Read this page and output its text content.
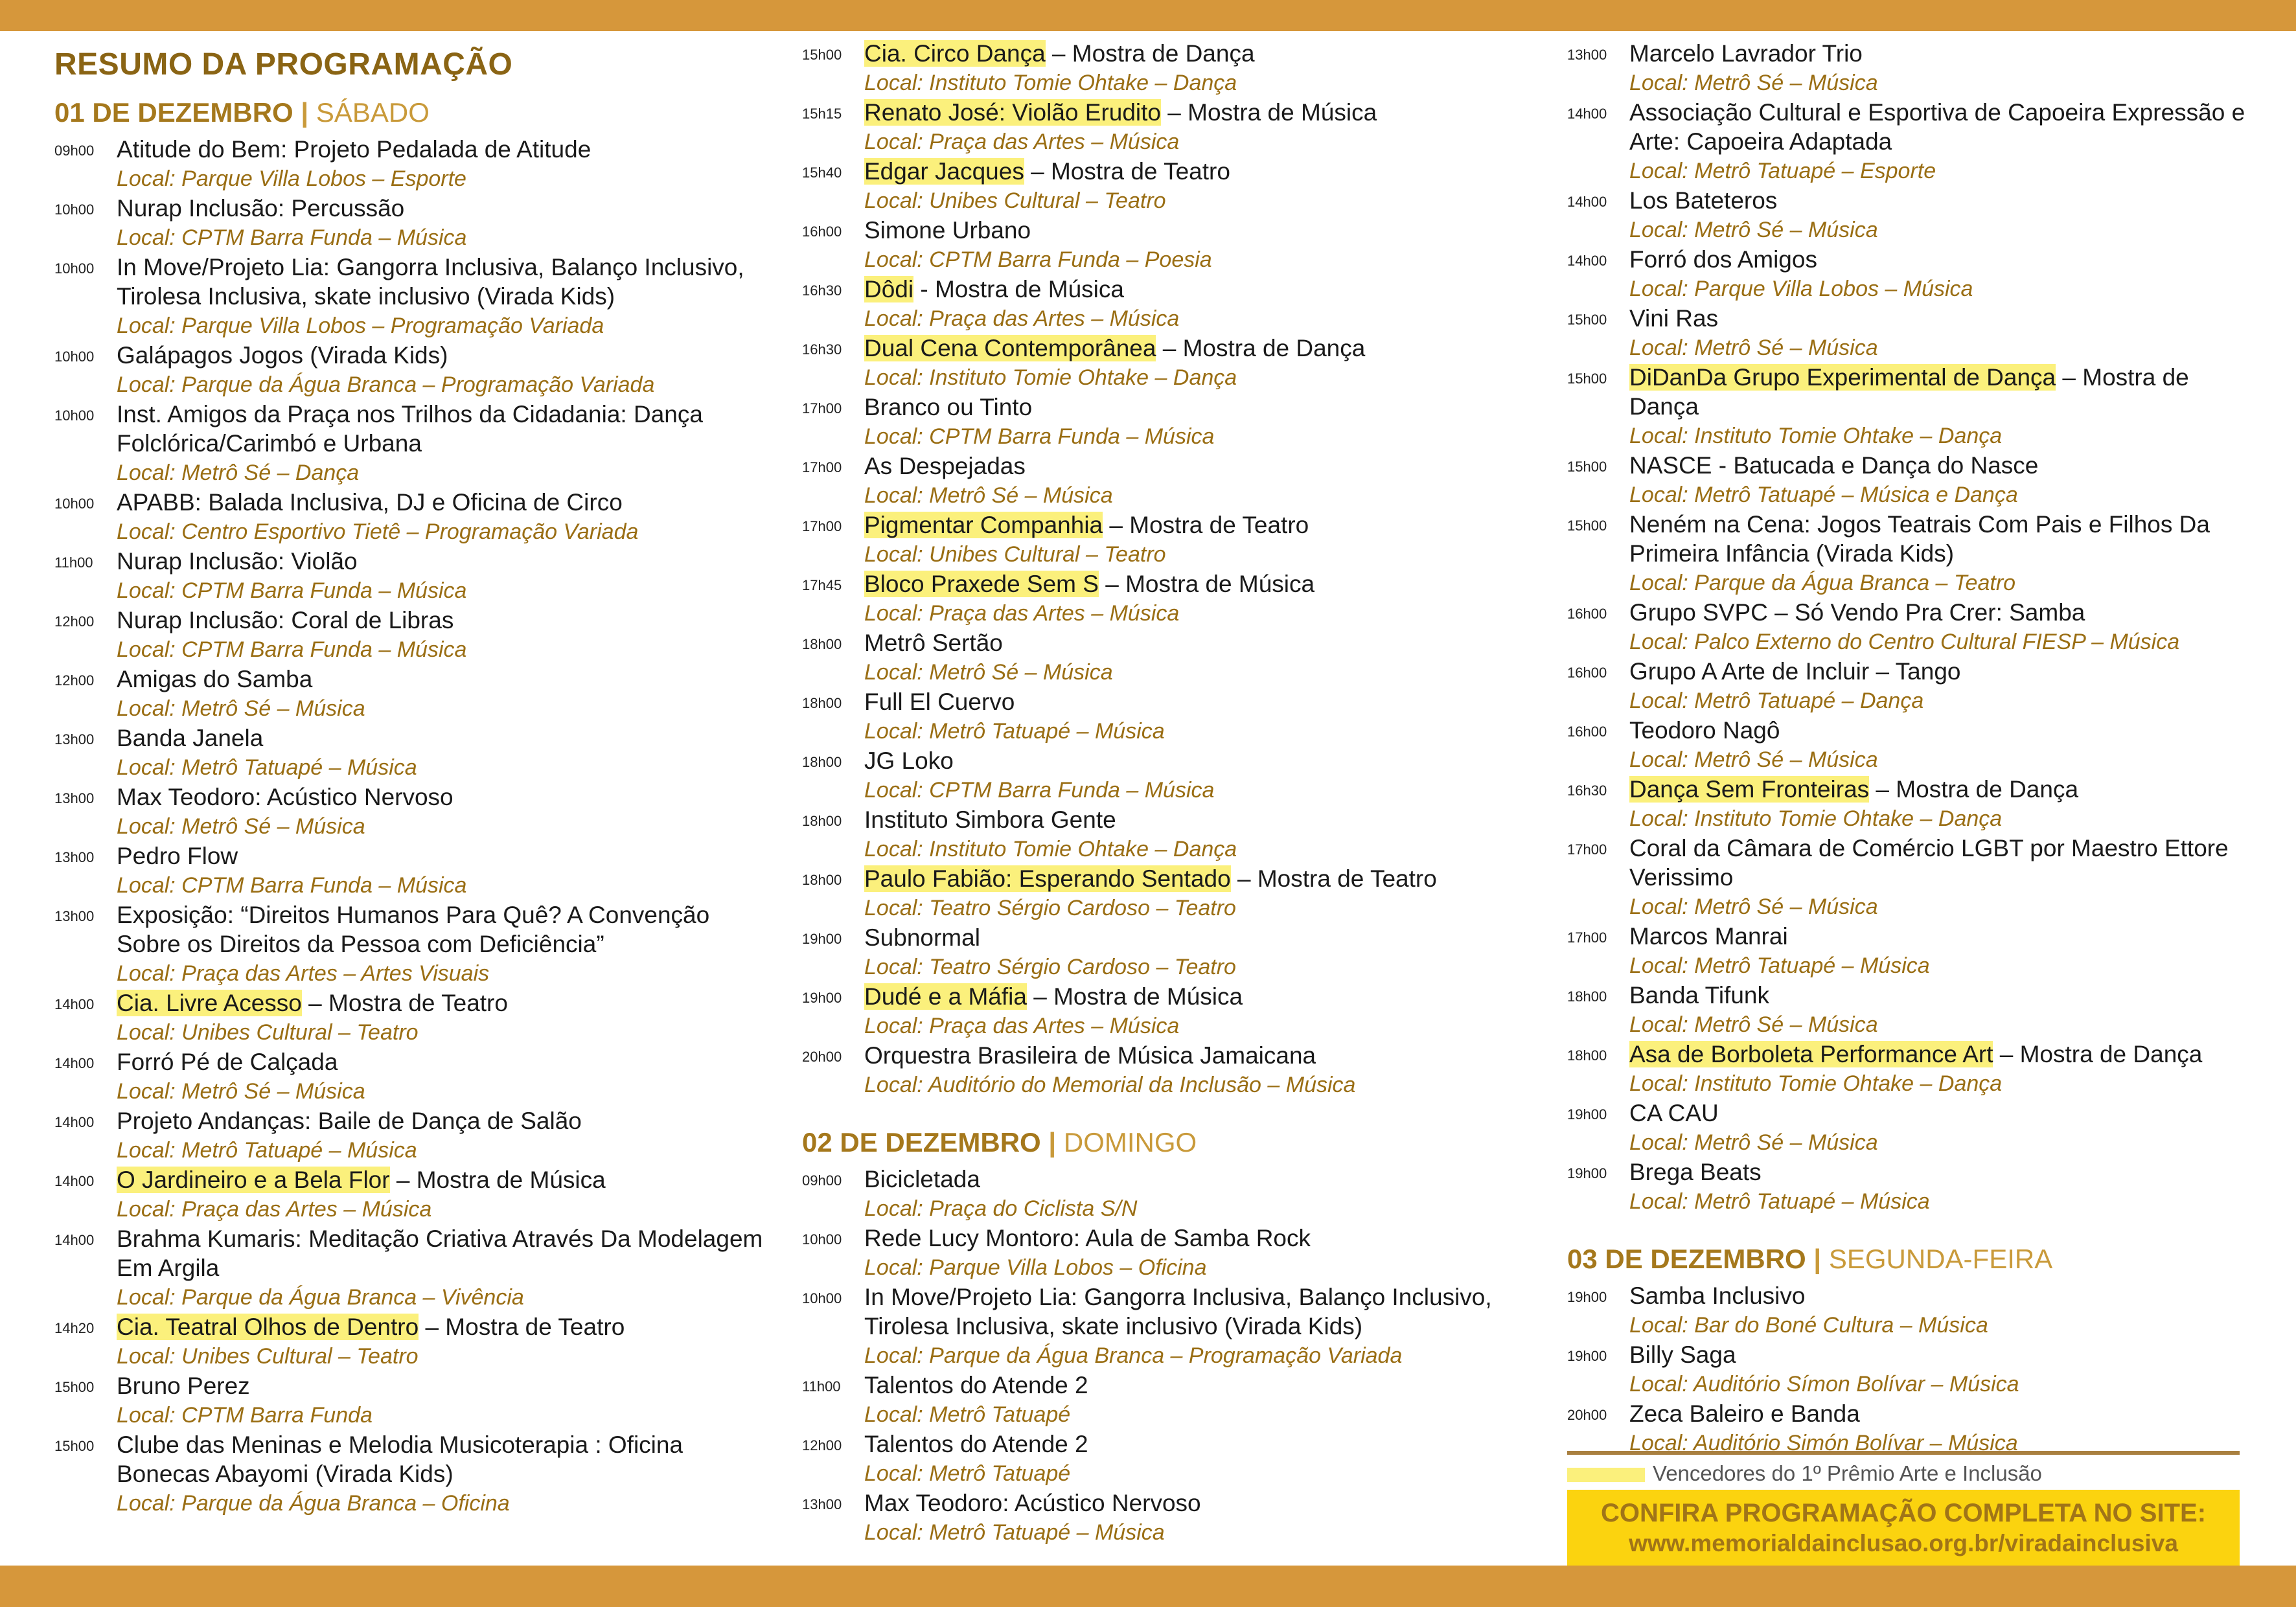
RESUMO DA PROGRAMAÇÃO
01 DE DEZEMBRO | SÁBADO
09h00 Atitude do Bem: Projeto Pedalada de Atitude
Local: Parque Villa Lobos – Esporte
10h00 Nurap Inclusão: Percussão
Local: CPTM Barra Funda – Música
10h00 In Move/Projeto Lia: Gangorra Inclusiva, Balanço Inclusivo, Tirolesa Inclusiva, skate inclusivo (Virada Kids)
Local: Parque Villa Lobos – Programação Variada
10h00 Galápagos Jogos (Virada Kids)
Local: Parque da Água Branca – Programação Variada
10h00 Inst. Amigos da Praça nos Trilhos da Cidadania: Dança Folclórica/Carimbó e Urbana
Local: Metrô Sé – Dança
10h00 APABB: Balada Inclusiva, DJ e Oficina de Circo
Local: Centro Esportivo Tietê – Programação Variada
11h00 Nurap Inclusão: Violão
Local: CPTM Barra Funda – Música
12h00 Nurap Inclusão: Coral de Libras
Local: CPTM Barra Funda – Música
12h00 Amigas do Samba
Local: Metrô Sé – Música
13h00 Banda Janela
Local: Metrô Tatuapé – Música
13h00 Max Teodoro: Acústico Nervoso
Local: Metrô Sé – Música
13h00 Pedro Flow
Local: CPTM Barra Funda – Música
13h00 Exposição: “Direitos Humanos Para Quê? A Convenção Sobre os Direitos da Pessoa com Deficiência”
Local: Praça das Artes – Artes Visuais
14h00 Cia. Livre Acesso – Mostra de Teatro
Local: Unibes Cultural – Teatro
14h00 Forró Pé de Calçada
Local: Metrô Sé – Música
14h00 Projeto Andanças: Baile de Dança de Salão
Local: Metrô Tatuapé – Música
14h00 O Jardineiro e a Bela Flor – Mostra de Música
Local: Praça das Artes – Música
14h00 Brahma Kumaris: Meditação Criativa Através Da Modelagem Em Argila
Local: Parque da Água Branca – Vivência
14h20 Cia. Teatral Olhos de Dentro – Mostra de Teatro
Local: Unibes Cultural – Teatro
15h00 Bruno Perez
Local: CPTM Barra Funda
15h00 Clube das Meninas e Melodia Musicoterapia : Oficina Bonecas Abayomi (Virada Kids)
Local: Parque da Água Branca – Oficina
15h00 Cia. Circo Dança – Mostra de Dança
Local: Instituto Tomie Ohtake – Dança
15h15 Renato José: Violão Erudito – Mostra de Música
Local: Praça das Artes – Música
15h40 Edgar Jacques – Mostra de Teatro
Local: Unibes Cultural – Teatro
16h00 Simone Urbano
Local: CPTM Barra Funda – Poesia
16h30 Dôdi - Mostra de Música
Local: Praça das Artes – Música
16h30 Dual Cena Contemporânea – Mostra de Dança
Local: Instituto Tomie Ohtake – Dança
17h00 Branco ou Tinto
Local: CPTM Barra Funda – Música
17h00 As Despejadas
Local: Metrô Sé – Música
17h00 Pigmentar Companhia – Mostra de Teatro
Local: Unibes Cultural – Teatro
17h45 Bloco Praxede Sem S – Mostra de Música
Local: Praça das Artes – Música
18h00 Metrô Sertão
Local: Metrô Sé – Música
18h00 Full El Cuervo
Local: Metrô Tatuapé – Música
18h00 JG Loko
Local: CPTM Barra Funda – Música
18h00 Instituto Simbora Gente
Local: Instituto Tomie Ohtake – Dança
18h00 Paulo Fabião: Esperando Sentado – Mostra de Teatro
Local: Teatro Sérgio Cardoso – Teatro
19h00 Subnormal
Local: Teatro Sérgio Cardoso – Teatro
19h00 Dudé e a Máfia – Mostra de Música
Local: Praça das Artes – Música
20h00 Orquestra Brasileira de Música Jamaicana
Local: Auditório do Memorial da Inclusão – Música
02 DE DEZEMBRO | DOMINGO
09h00 Bicicletada
Local: Praça do Ciclista S/N
10h00 Rede Lucy Montoro: Aula de Samba Rock
Local: Parque Villa Lobos – Oficina
10h00 In Move/Projeto Lia: Gangorra Inclusiva, Balanço Inclusivo, Tirolesa Inclusiva, skate inclusivo (Virada Kids)
Local: Parque da Água Branca – Programação Variada
11h00 Talentos do Atende 2
Local: Metrô Tatuapé
12h00 Talentos do Atende 2
Local: Metrô Tatuapé
13h00 Max Teodoro: Acústico Nervoso
Local: Metrô Tatuapé – Música
13h00 Marcelo Lavrador Trio
Local: Metrô Sé – Música
14h00 Associação Cultural e Esportiva de Capoeira Expressão e Arte: Capoeira Adaptada
Local: Metrô Tatuapé – Esporte
14h00 Los Bateteros
Local: Metrô Sé – Música
14h00 Forró dos Amigos
Local: Parque Villa Lobos – Música
15h00 Vini Ras
Local: Metrô Sé – Música
15h00 DiDanDa Grupo Experimental de Dança – Mostra de Dança
Local: Instituto Tomie Ohtake – Dança
15h00 NASCE - Batucada e Dança do Nasce
Local: Metrô Tatuapé – Música e Dança
15h00 Neném na Cena: Jogos Teatrais Com Pais e Filhos Da Primeira Infância (Virada Kids)
Local: Parque da Água Branca – Teatro
16h00 Grupo SVPC – Só Vendo Pra Crer: Samba
Local: Palco Externo do Centro Cultural FIESP – Música
16h00 Grupo A Arte de Incluir – Tango
Local: Metrô Tatuapé – Dança
16h00 Teodoro Nagô
Local: Metrô Sé – Música
16h30 Dança Sem Fronteiras – Mostra de Dança
Local: Instituto Tomie Ohtake – Dança
17h00 Coral da Câmara de Comércio LGBT por Maestro Ettore Verissimo
Local: Metrô Sé – Música
17h00 Marcos Manrai
Local: Metrô Tatuapé – Música
18h00 Banda Tifunk
Local: Metrô Sé – Música
18h00 Asa de Borboleta Performance Art – Mostra de Dança
Local: Instituto Tomie Ohtake – Dança
19h00 CA CAU
Local: Metrô Sé – Música
19h00 Brega Beats
Local: Metrô Tatuapé – Música
03 DE DEZEMBRO | SEGUNDA-FEIRA
19h00 Samba Inclusivo
Local: Bar do Boné Cultura – Música
19h00 Billy Saga
Local: Auditório Símon Bolívar – Música
20h00 Zeca Baleiro e Banda
Local: Auditório Simón Bolívar – Música
Vencedores do 1º Prêmio Arte e Inclusão
CONFIRA PROGRAMAÇÃO COMPLETA NO SITE:
www.memorialdainclusao.org.br/viradainclusiva
